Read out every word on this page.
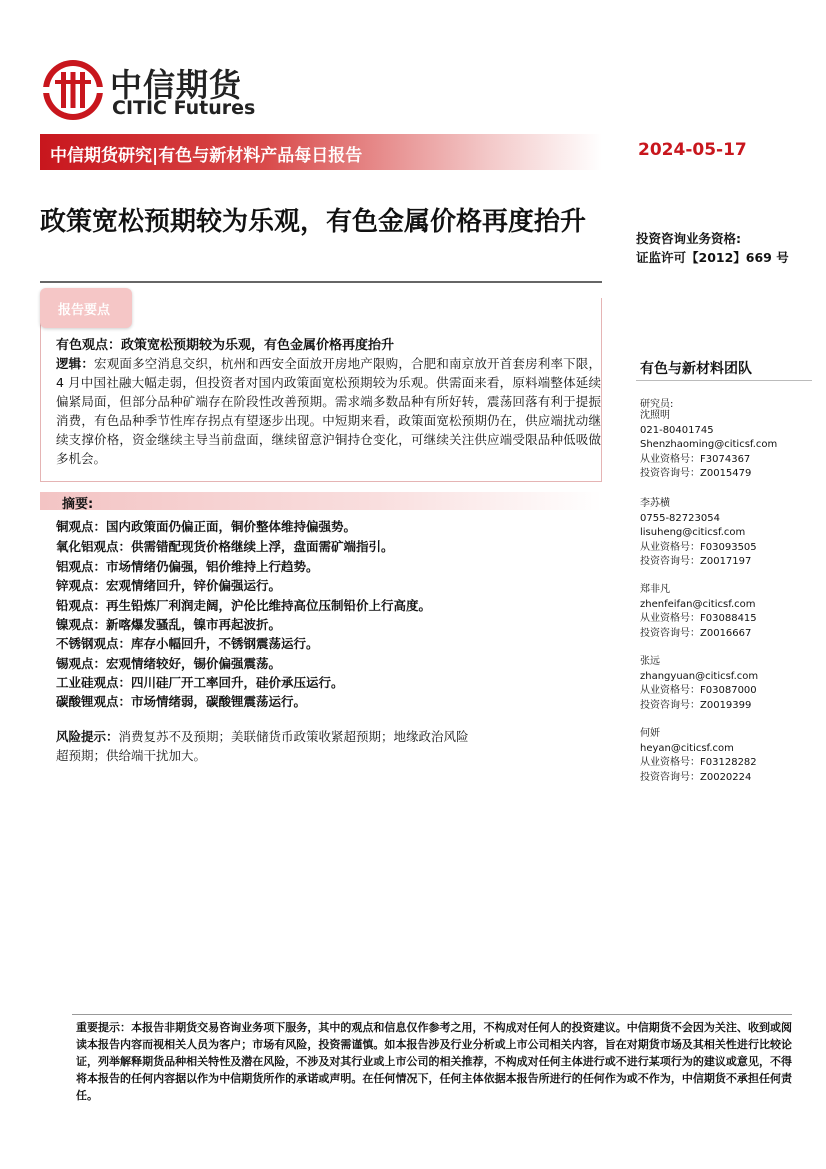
中信期货
CITIC Futures
中信期货研究|有色与新材料产品每日报告	2024-05-17
政策宽松预期较为乐观，有色金属价格再度抬升
投资咨询业务资格:
证监许可【2012】669 号
报告要点
有色观点：政策宽松预期较为乐观，有色金属价格再度抬升
逻辑：宏观面多空消息交织，杭州和西安全面放开房地产限购，合肥和南京放开首套房利率下限，4 月中国社融大幅走弱，但投资者对国内政策面宽松预期较为乐观。供需面来看，原料端整体延续偏紧局面，但部分品种矿端存在阶段性改善预期。需求端多数品种有所好转，震荡回落有利于提振消费，有色品种季节性库存拐点有望逐步出现。中短期来看，政策面宽松预期仍在，供应端扰动继续支撑价格，资金继续主导当前盘面，继续留意沪铜持仓变化，可继续关注供应端受限品种低吸做多机会。
摘要:
铜观点：国内政策面仍偏正面，铜价整体维持偏强势。
氧化铝观点：供需错配现货价格继续上浮，盘面需矿端指引。
铝观点：市场情绪仍偏强，铝价维持上行趋势。
锌观点：宏观情绪回升，锌价偏强运行。
铅观点：再生铅炼厂利润走阔，沪伦比维持高位压制铅价上行高度。
镍观点：新喀爆发骚乱，镍市再起波折。
不锈钢观点：库存小幅回升，不锈钢震荡运行。
锡观点：宏观情绪较好，锡价偏强震荡。
工业硅观点：四川硅厂开工率回升，硅价承压运行。
碳酸锂观点：市场情绪弱，碳酸锂震荡运行。
风险提示：消费复苏不及预期；美联储货币政策收紧超预期；地缘政治风险
超预期；供给端干扰加大。
有色与新材料团队
研究员:
沈照明
021-80401745
Shenzhaoming@citicsf.com
从业资格号：F3074367
投资咨询号：Z0015479
李苏横
0755-82723054
lisuheng@citicsf.com
从业资格号：F03093505
投资咨询号：Z0017197
郑非凡
zhenfeifan@citicsf.com
从业资格号：F03088415
投资咨询号：Z0016667
张远
zhangyuan@citicsf.com
从业资格号：F03087000
投资咨询号：Z0019399
何妍
heyan@citicsf.com
从业资格号：F03128282
投资咨询号：Z0020224
重要提示：本报告非期货交易咨询业务项下服务，其中的观点和信息仅作参考之用，不构成对任何人的投资建议。中信期货不会因为关注、收到或阅读本报告内容而视相关人员为客户；市场有风险，投资需谨慎。如本报告涉及行业分析或上市公司相关内容，旨在对期货市场及其相关性进行比较论证，列举解释期货品种相关特性及潜在风险，不涉及对其行业或上市公司的相关推荐，不构成对任何主体进行或不进行某项行为的建议或意见，不得将本报告的任何内容据以作为中信期货所作的承诺或声明。在任何情况下，任何主体依据本报告所进行的任何作为或不作为，中信期货不承担任何责任。
